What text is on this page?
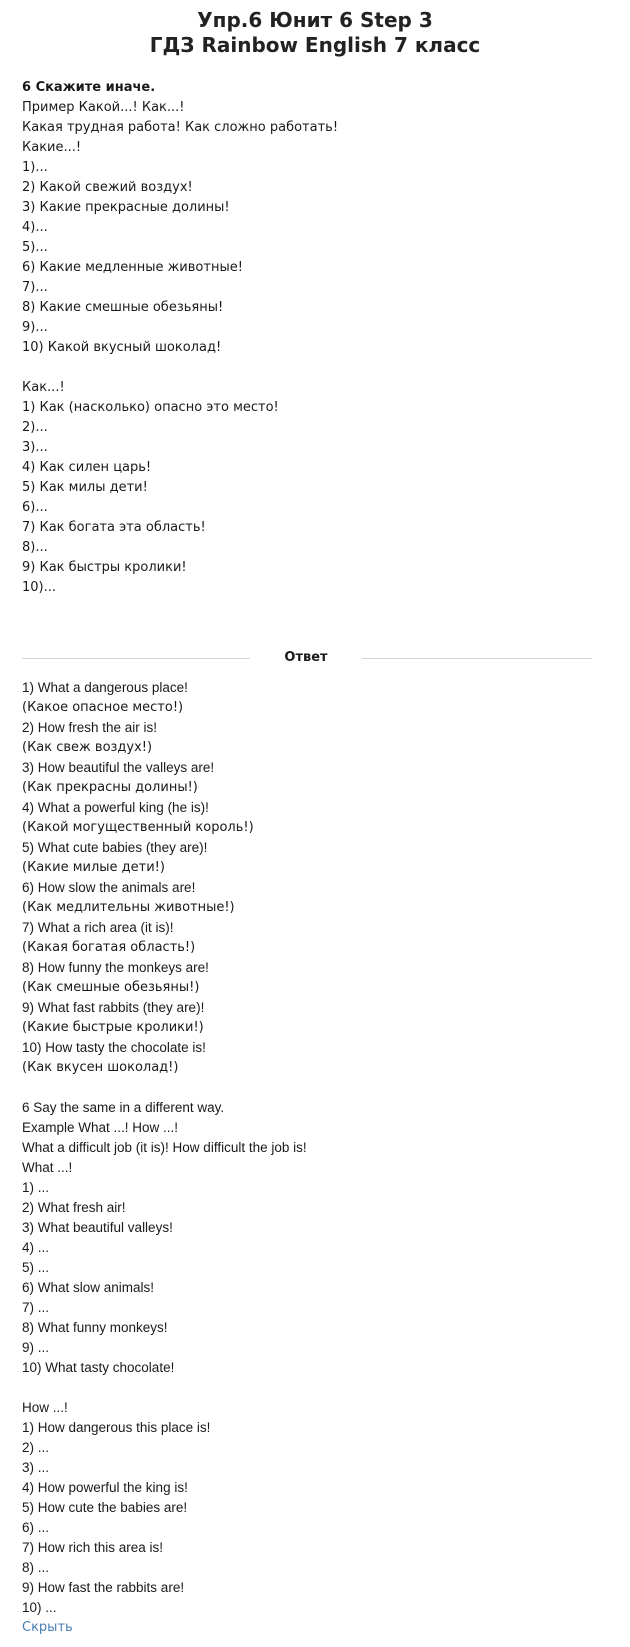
Упр.6 Юнит 6 Step 3
ГДЗ Rainbow English 7 класс
6 Скажите иначе.
Пример Какой...! Как...!
Какая трудная работа! Как сложно работать!
Какие...!
1)...
2) Какой свежий воздух!
3) Какие прекрасные долины!
4)...
5)...
6) Какие медленные животные!
7)...
8) Какие смешные обезьяны!
9)...
10) Какой вкусный шоколад!
Как...!
1) Как (насколько) опасно это место!
2)...
3)...
4) Как силен царь!
5) Как милы дети!
6)...
7) Как богата эта область!
8)...
9) Как быстры кролики!
10)...
Ответ
1) What a dangerous place!
(Какое опасное место!)
2) How fresh the air is!
(Как свеж воздух!)
3) How beautiful the valleys are!
(Как прекрасны долины!)
4) What a powerful king (he is)!
(Какой могущественный король!)
5) What cute babies (they are)!
(Какие милые дети!)
6) How slow the animals are!
(Как медлительны животные!)
7) What a rich area (it is)!
(Какая богатая область!)
8) How funny the monkeys are!
(Как смешные обезьяны!)
9) What fast rabbits (they are)!
(Какие быстрые кролики!)
10) How tasty the chocolate is!
(Как вкусен шоколад!)
6 Say the same in a different way.
Example What ...! How ...!
What a difficult job (it is)! How difficult the job is!
What ...!
1) ...
2) What fresh air!
3) What beautiful valleys!
4) ...
5) ...
6) What slow animals!
7) ...
8) What funny monkeys!
9) ...
10) What tasty chocolate!
How ...!
1) How dangerous this place is!
2) ...
3) ...
4) How powerful the king is!
5) How cute the babies are!
6) ...
7) How rich this area is!
8) ...
9) How fast the rabbits are!
10) ...
Скрыть
